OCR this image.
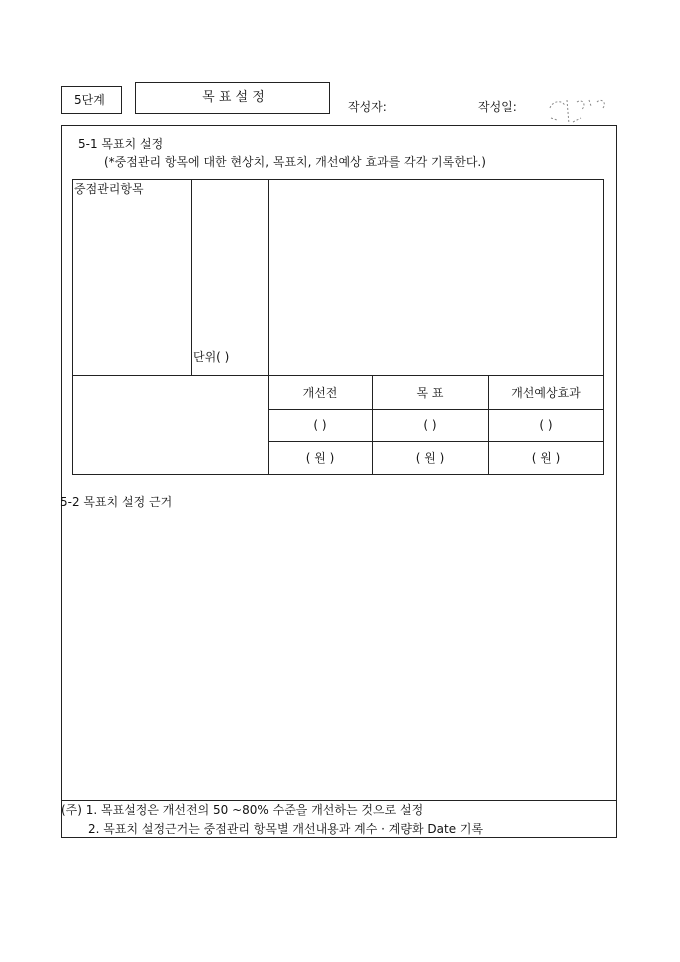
5단계	목 표 설 정
작성자:	작성일:
5-1 목표치 설정
(*중점관리 항목에 대한 현상치, 목표치, 개선예상 효과를 각각 기록한다.)
중점관리항목
단위( )
개선전	목 표	개선예상효과
( )	( )	( )
( 원 )	( 원 )	( 원 )
5-2 목표치 설정 근거
(주) 1. 목표설정은 개선전의 50 ~80% 수준을 개선하는 것으로 설정
2. 목표치 설정근거는 중점관리 항목별 개선내용과 계수 · 계량화 Date 기록
